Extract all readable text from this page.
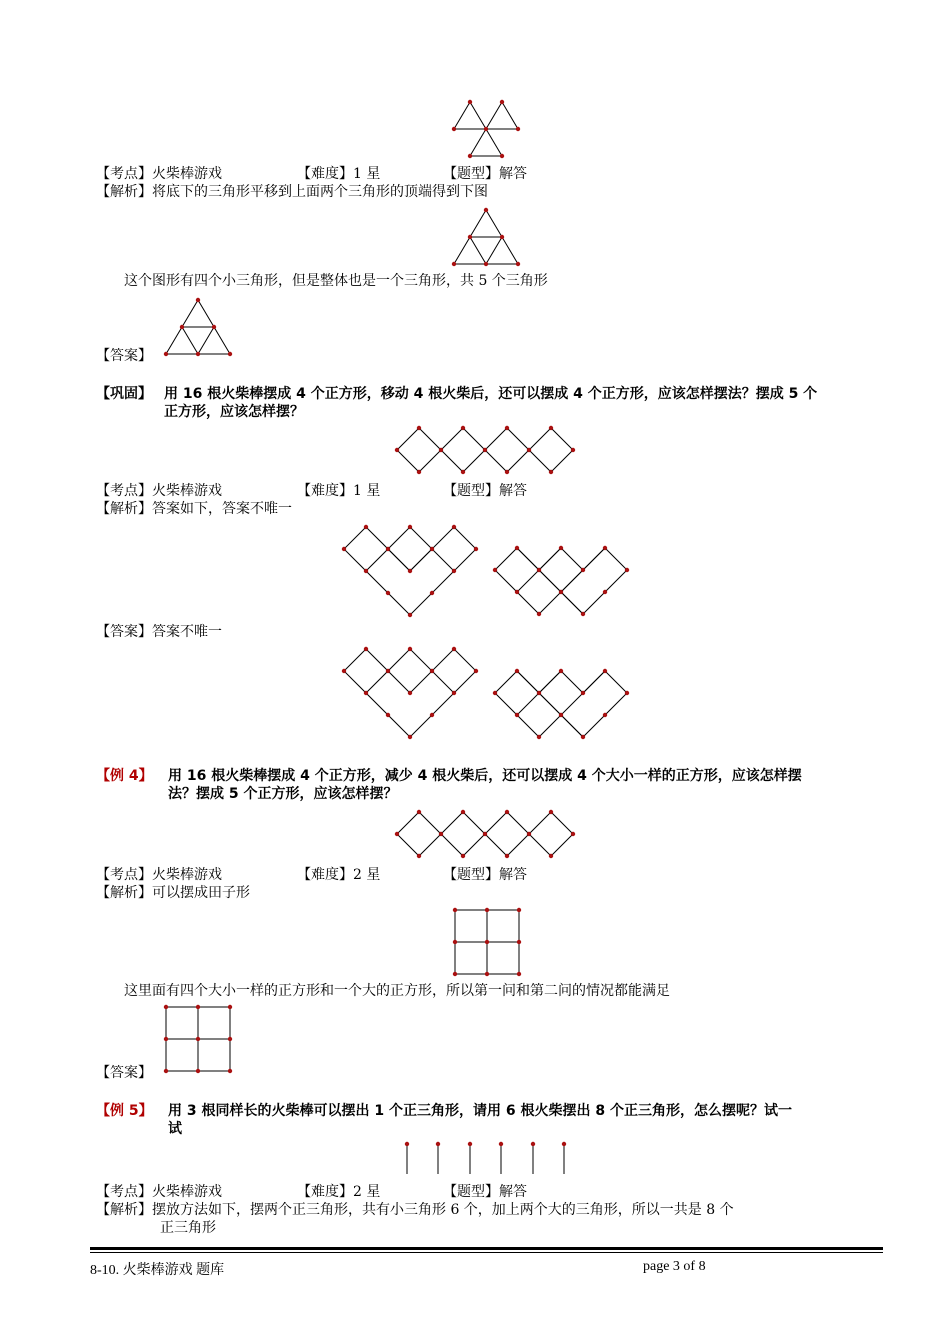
【考点】火柴棒游戏	【难度】1 星	【题型】解答
【解析】将底下的三角形平移到上面两个三角形的顶端得到下图
这个图形有四个小三角形，但是整体也是一个三角形，共 5 个三角形
【答案】
【巩固】 用 16 根火柴棒摆成 4 个正方形，移动 4 根火柴后，还可以摆成 4 个正方形，应该怎样摆法？摆成 5 个
正方形，应该怎样摆？
【考点】火柴棒游戏	【难度】1 星	【题型】解答
【解析】答案如下，答案不唯一
【答案】答案不唯一
【例 4】 用 16 根火柴棒摆成 4 个正方形，减少 4 根火柴后，还可以摆成 4 个大小一样的正方形，应该怎样摆
法？摆成 5 个正方形，应该怎样摆？
【考点】火柴棒游戏	【难度】2 星	【题型】解答
【解析】可以摆成田子形
这里面有四个大小一样的正方形和一个大的正方形，所以第一问和第二问的情况都能满足
【答案】
【例 5】 用 3 根同样长的火柴棒可以摆出 1 个正三角形，请用 6 根火柴摆出 8 个正三角形，怎么摆呢？试一
试
【考点】火柴棒游戏	【难度】2 星	【题型】解答
【解析】摆放方法如下，摆两个正三角形，共有小三角形 6 个，加上两个大的三角形，所以一共是 8 个
正三角形
8-10. 火柴棒游戏 题库	page 3 of 8
